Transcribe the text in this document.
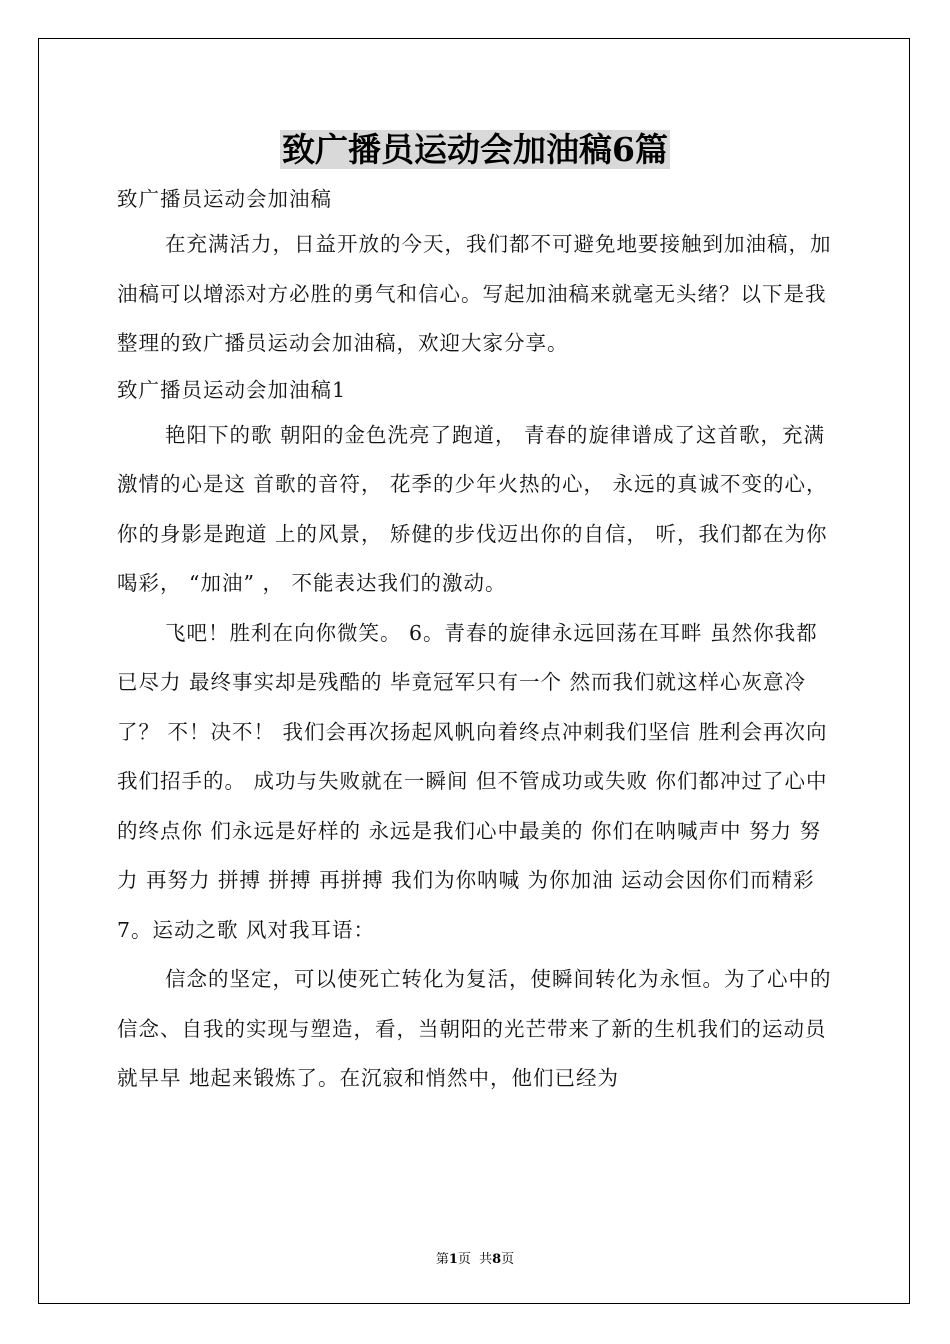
致广播员运动会加油稿6篇

致广播员运动会加油稿

在充满活力，日益开放的今天，我们都不可避免地要接触到加油稿，加油稿可以增添对方必胜的勇气和信心。写起加油稿来就毫无头绪？以下是我整理的致广播员运动会加油稿，欢迎大家分享。

致广播员运动会加油稿1

艳阳下的歌 朝阳的金色洗亮了跑道， 青春的旋律谱成了这首歌，充满激情的心是这 首歌的音符， 花季的少年火热的心， 永远的真诚不变的心， 你的身影是跑道 上的风景， 矫健的步伐迈出你的自信， 听，我们都在为你喝彩， “加油” ， 不能表达我们的激动。

飞吧！胜利在向你微笑。 6。青春的旋律永远回荡在耳畔 虽然你我都已尽力 最终事实却是残酷的 毕竟冠军只有一个 然而我们就这样心灰意冷了？ 不！决不！ 我们会再次扬起风帆向着终点冲刺我们坚信 胜利会再次向我们招手的。 成功与失败就在一瞬间 但不管成功或失败 你们都冲过了心中的终点你 们永远是好样的 永远是我们心中最美的 你们在呐喊声中 努力 努力 再努力 拼搏 拼搏 再拼搏 我们为你呐喊 为你加油 运动会因你们而精彩 7。运动之歌 风对我耳语：

信念的坚定，可以使死亡转化为复活，使瞬间转化为永恒。为了心中的信念、自我的实现与塑造，看，当朝阳的光芒带来了新的生机我们的运动员就早早 地起来锻炼了。在沉寂和悄然中，他们已经为

第1页 共8页
